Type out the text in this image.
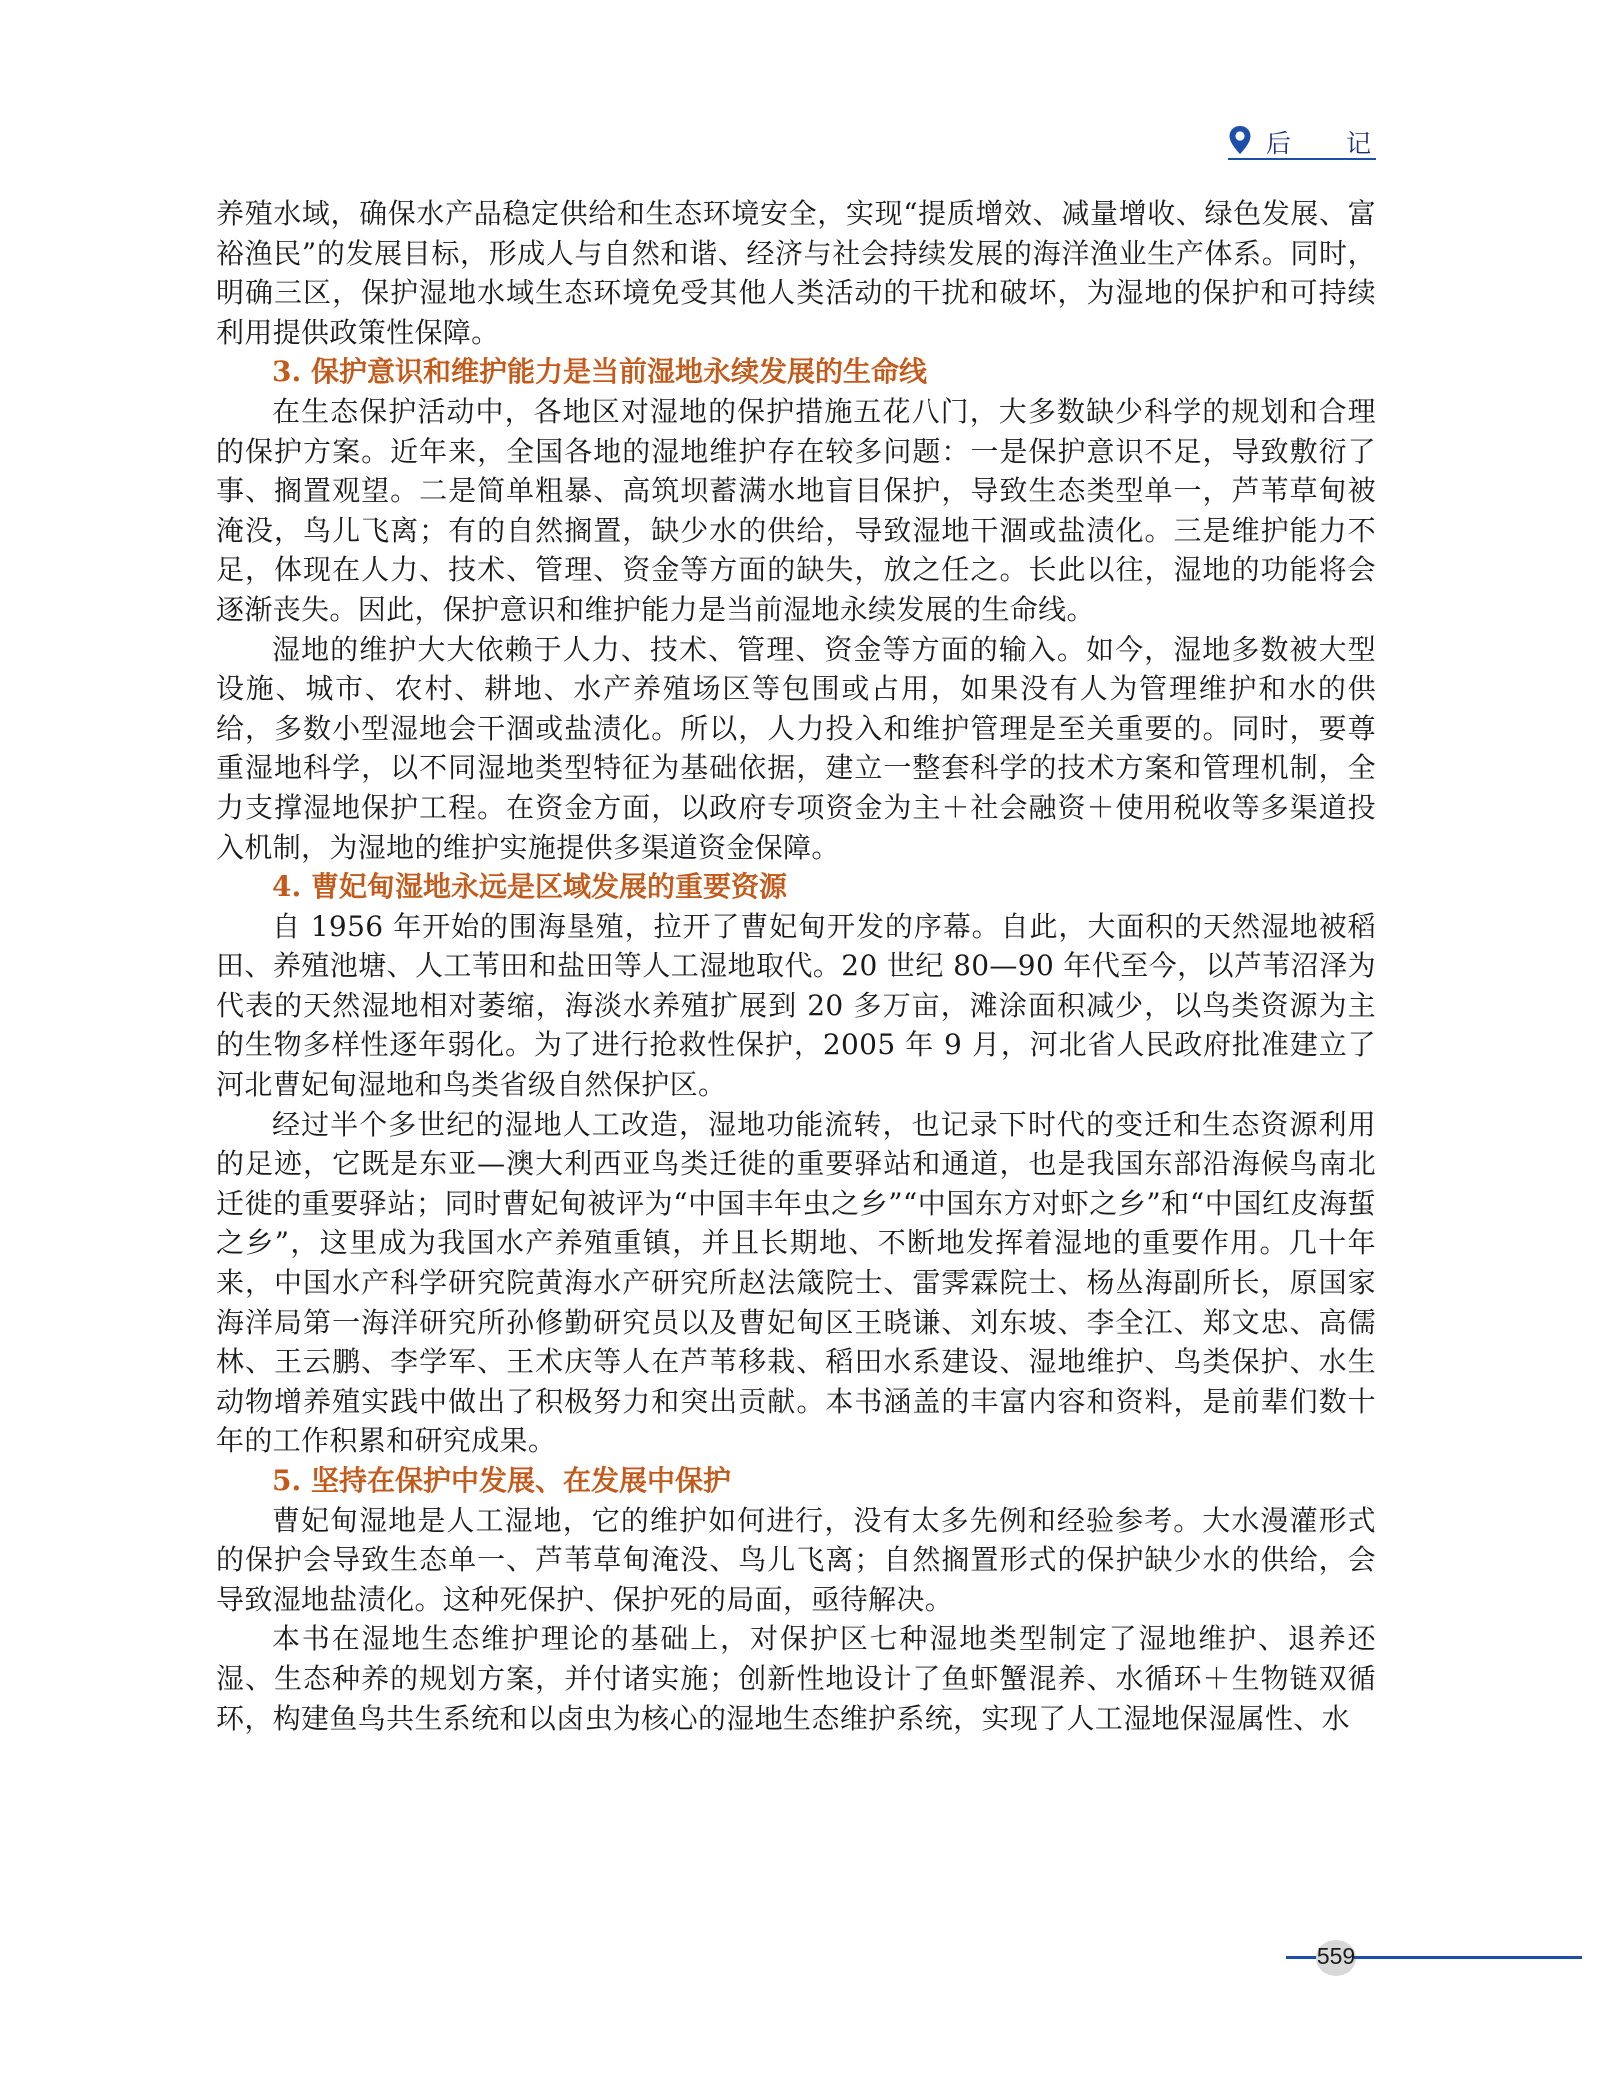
后 记

养殖水域，确保水产品稳定供给和生态环境安全，实现“提质增效、减量增收、绿色发展、富裕渔民”的发展目标，形成人与自然和谐、经济与社会持续发展的海洋渔业生产体系。同时，明确三区，保护湿地水域生态环境免受其他人类活动的干扰和破坏，为湿地的保护和可持续利用提供政策性保障。

3. 保护意识和维护能力是当前湿地永续发展的生命线

在生态保护活动中，各地区对湿地的保护措施五花八门，大多数缺少科学的规划和合理的保护方案。近年来，全国各地的湿地维护存在较多问题：一是保护意识不足，导致敷衍了事、搁置观望。二是简单粗暴、高筑坝蓄满水地盲目保护，导致生态类型单一，芦苇草甸被淹没，鸟儿飞离；有的自然搁置，缺少水的供给，导致湿地干涸或盐渍化。三是维护能力不足，体现在人力、技术、管理、资金等方面的缺失，放之任之。长此以往，湿地的功能将会逐渐丧失。因此，保护意识和维护能力是当前湿地永续发展的生命线。

湿地的维护大大依赖于人力、技术、管理、资金等方面的输入。如今，湿地多数被大型设施、城市、农村、耕地、水产养殖场区等包围或占用，如果没有人为管理维护和水的供给，多数小型湿地会干涸或盐渍化。所以，人力投入和维护管理是至关重要的。同时，要尊重湿地科学，以不同湿地类型特征为基础依据，建立一整套科学的技术方案和管理机制，全力支撑湿地保护工程。在资金方面，以政府专项资金为主＋社会融资＋使用税收等多渠道投入机制，为湿地的维护实施提供多渠道资金保障。

4. 曹妃甸湿地永远是区域发展的重要资源

自 1956 年开始的围海垦殖，拉开了曹妃甸开发的序幕。自此，大面积的天然湿地被稻田、养殖池塘、人工苇田和盐田等人工湿地取代。20 世纪 80—90 年代至今，以芦苇沼泽为代表的天然湿地相对萎缩，海淡水养殖扩展到 20 多万亩，滩涂面积减少，以鸟类资源为主的生物多样性逐年弱化。为了进行抢救性保护，2005 年 9 月，河北省人民政府批准建立了河北曹妃甸湿地和鸟类省级自然保护区。

经过半个多世纪的湿地人工改造，湿地功能流转，也记录下时代的变迁和生态资源利用的足迹，它既是东亚—澳大利西亚鸟类迁徙的重要驿站和通道，也是我国东部沿海候鸟南北迁徙的重要驿站；同时曹妃甸被评为“中国丰年虫之乡”“中国东方对虾之乡”和“中国红皮海蜇之乡”，这里成为我国水产养殖重镇，并且长期地、不断地发挥着湿地的重要作用。几十年来，中国水产科学研究院黄海水产研究所赵法箴院士、雷霁霖院士、杨丛海副所长，原国家海洋局第一海洋研究所孙修勤研究员以及曹妃甸区王晓谦、刘东坡、李全江、郑文忠、高儒林、王云鹏、李学军、王术庆等人在芦苇移栽、稻田水系建设、湿地维护、鸟类保护、水生动物增养殖实践中做出了积极努力和突出贡献。本书涵盖的丰富内容和资料，是前辈们数十年的工作积累和研究成果。

5. 坚持在保护中发展、在发展中保护

曹妃甸湿地是人工湿地，它的维护如何进行，没有太多先例和经验参考。大水漫灌形式的保护会导致生态单一、芦苇草甸淹没、鸟儿飞离；自然搁置形式的保护缺少水的供给，会导致湿地盐渍化。这种死保护、保护死的局面，亟待解决。

本书在湿地生态维护理论的基础上，对保护区七种湿地类型制定了湿地维护、退养还湿、生态种养的规划方案，并付诸实施；创新性地设计了鱼虾蟹混养、水循环＋生物链双循环，构建鱼鸟共生系统和以卤虫为核心的湿地生态维护系统，实现了人工湿地保湿属性、水

559
